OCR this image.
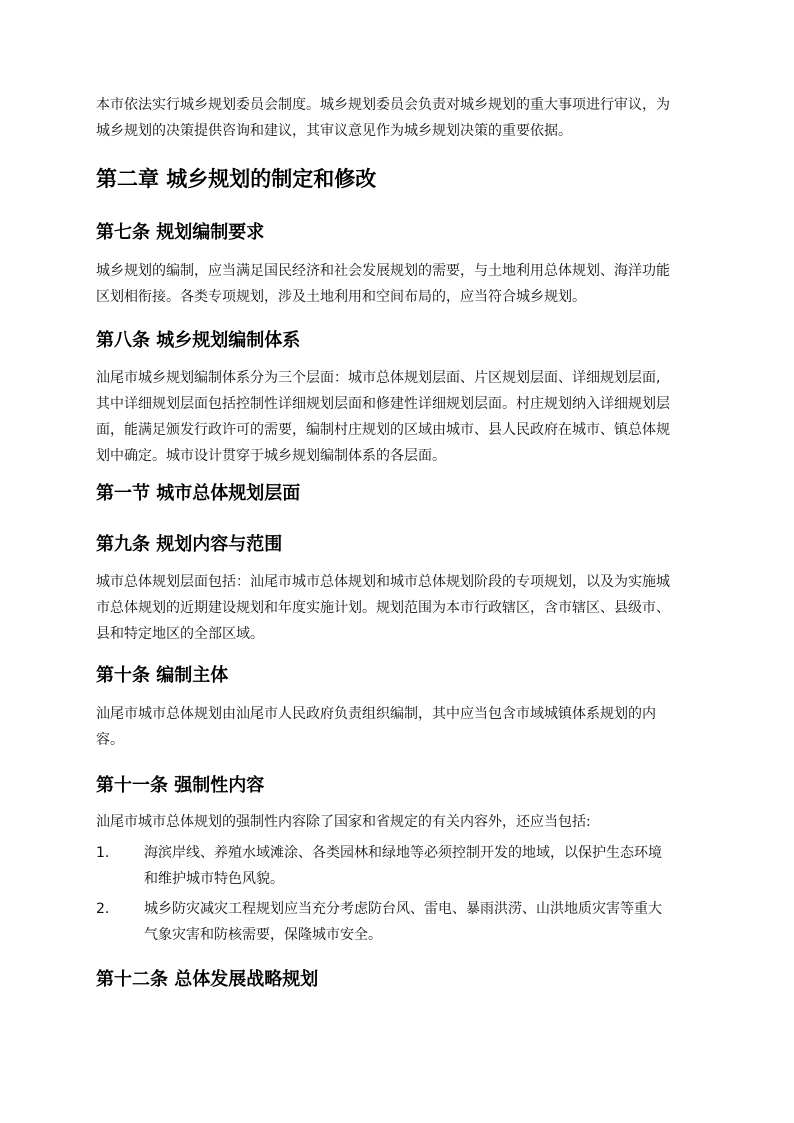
本市依法实行城乡规划委员会制度。城乡规划委员会负责对城乡规划的重大事项进行审议，为
城乡规划的决策提供咨询和建议，其审议意见作为城乡规划决策的重要依据。

第二章 城乡规划的制定和修改
第七条 规划编制要求

城乡规划的编制，应当满足国民经济和社会发展规划的需要，与土地利用总体规划、海洋功能
区划相衔接。各类专项规划，涉及土地利用和空间布局的，应当符合城乡规划。

第八条 城乡规划编制体系

汕尾市城乡规划编制体系分为三个层面：城市总体规划层面、片区规划层面、详细规划层面,
其中详细规划层面包括控制性详细规划层面和修建性详细规划层面。村庄规划纳入详细规划层
面，能满足颁发行政许可的需要，编制村庄规划的区域由城市、县人民政府在城市、镇总体规
划中确定。城市设计贯穿于城乡规划编制体系的各层面。

第一节 城市总体规划层面
第九条 规划内容与范围

城市总体规划层面包括：汕尾市城市总体规划和城市总体规划阶段的专项规划，以及为实施城
市总体规划的近期建设规划和年度实施计划。规划范围为本市行政辖区，含市辖区、县级市、
县和特定地区的全部区域。

第十条 编制主体

汕尾市城市总体规划由汕尾市人民政府负责组织编制，其中应当包含市域城镇体系规划的内
容。

第十一条 强制性内容

汕尾市城市总体规划的强制性内容除了国家和省规定的有关内容外，还应当包括:

1.	海滨岸线、养殖水域滩涂、各类园林和绿地等必须控制开发的地域，以保护生态环境
和维护城市特色风貌。
2.	城乡防灾减灾工程规划应当充分考虑防台风、雷电、暴雨洪涝、山洪地质灾害等重大
气象灾害和防核需要，保隆城市安全。
第十二条 总体发展战略规划
